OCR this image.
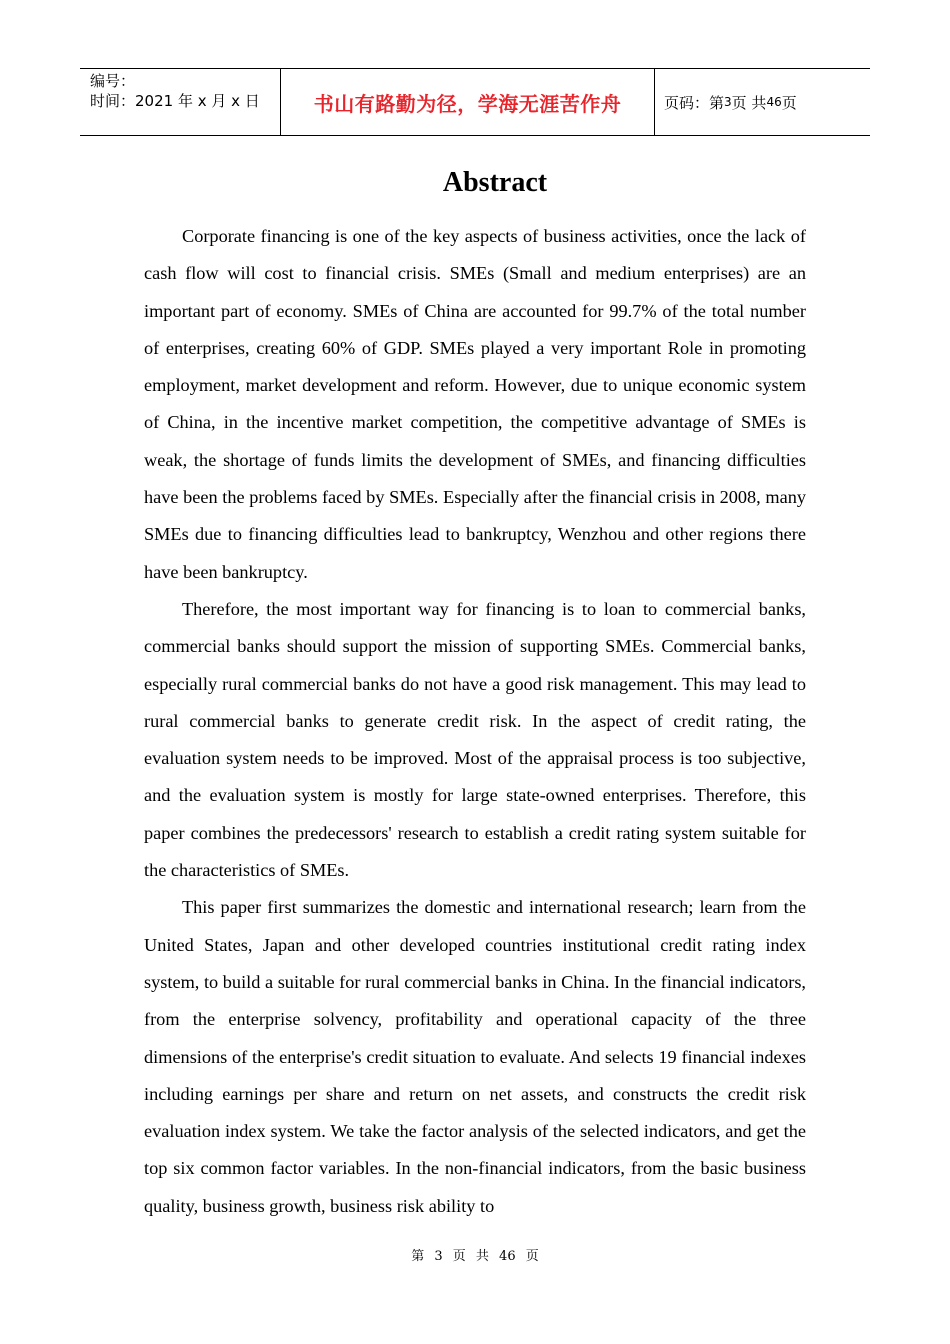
编号：
时间：2021 年 x 月 x 日	书山有路勤为径，学海无涯苦作舟	页码：第 3 页 共 46 页
Abstract

Corporate financing is one of the key aspects of business activities, once the lack of cash flow will cost to financial crisis. SMEs (Small and medium enterprises) are an important part of economy. SMEs of China are accounted for 99.7% of the total number of enterprises, creating 60% of GDP. SMEs played a very important Role in promoting employment, market development and reform. However, due to unique economic system of China, in the incentive market competition, the competitive advantage of SMEs is weak, the shortage of funds limits the development of SMEs, and financing difficulties have been the problems faced by SMEs. Especially after the financial crisis in 2008, many SMEs due to financing difficulties lead to bankruptcy, Wenzhou and other regions there have been bankruptcy.

Therefore, the most important way for financing is to loan to commercial banks, commercial banks should support the mission of supporting SMEs. Commercial banks, especially rural commercial banks do not have a good risk management. This may lead to rural commercial banks to generate credit risk. In the aspect of credit rating, the evaluation system needs to be improved. Most of the appraisal process is too subjective, and the evaluation system is mostly for large state-owned enterprises. Therefore, this paper combines the predecessors' research to establish a credit rating system suitable for the characteristics of SMEs.

This paper first summarizes the domestic and international research; learn from the United States, Japan and other developed countries institutional credit rating index system, to build a suitable for rural commercial banks in China. In the financial indicators, from the enterprise solvency, profitability and operational capacity of the three dimensions of the enterprise's credit situation to evaluate. And selects 19 financial indexes including earnings per share and return on net assets, and constructs the credit risk evaluation index system. We take the factor analysis of the selected indicators, and get the top six common factor variables. In the non-financial indicators, from the basic business quality, business growth, business risk ability to

第 3 页 共 46 页
